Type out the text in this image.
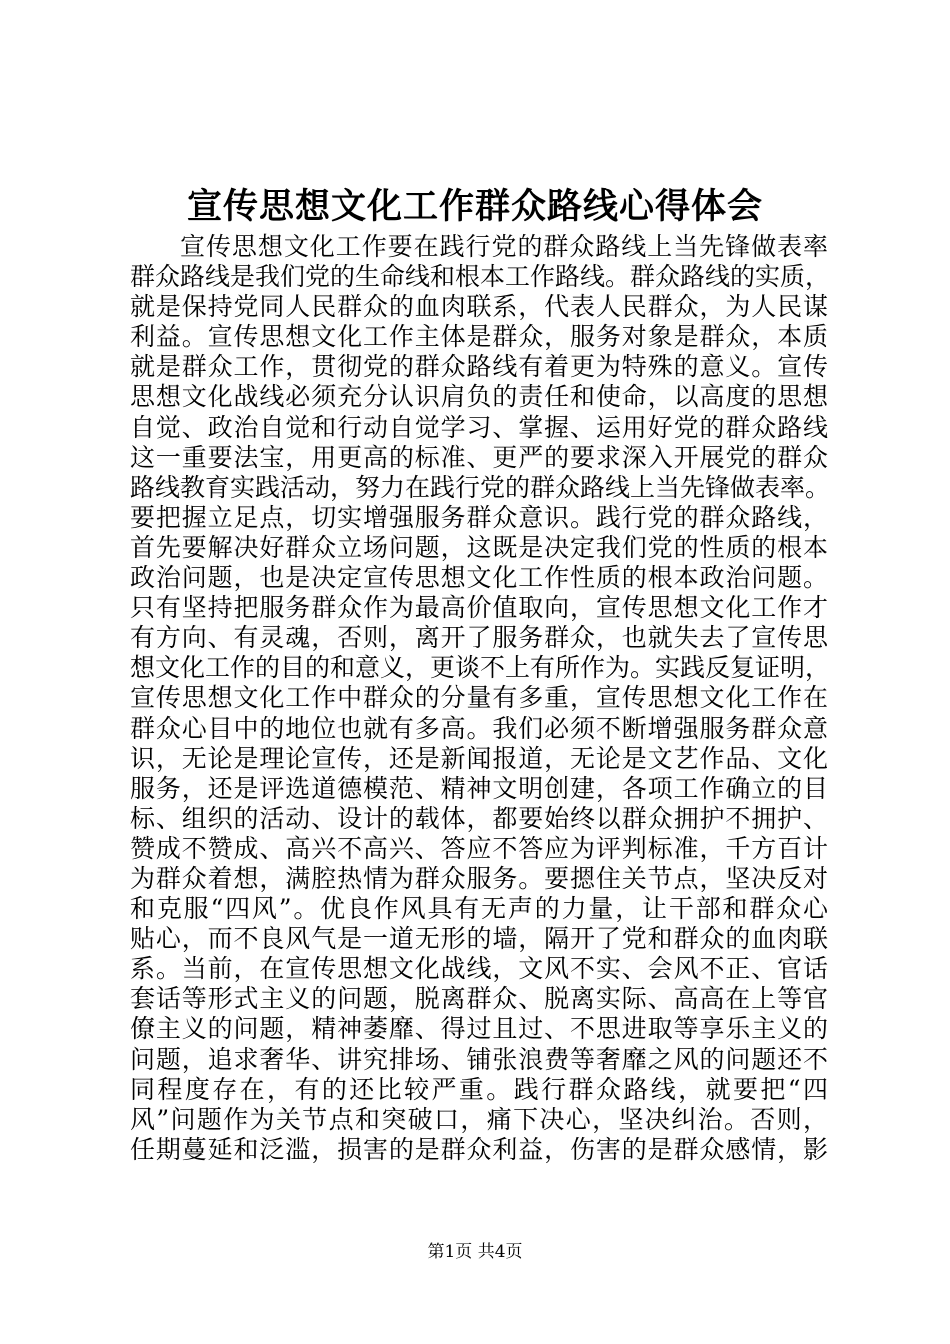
宣传思想文化工作群众路线心得体会
宣传思想文化工作要在践行党的群众路线上当先锋做表率
群众路线是我们党的生命线和根本工作路线。群众路线的实质，
就是保持党同人民群众的血肉联系，代表人民群众，为人民谋
利益。宣传思想文化工作主体是群众，服务对象是群众，本质
就是群众工作，贯彻党的群众路线有着更为特殊的意义。宣传
思想文化战线必须充分认识肩负的责任和使命，以高度的思想
自觉、政治自觉和行动自觉学习、掌握、运用好党的群众路线
这一重要法宝，用更高的标准、更严的要求深入开展党的群众
路线教育实践活动，努力在践行党的群众路线上当先锋做表率。
要把握立足点，切实增强服务群众意识。践行党的群众路线，
首先要解决好群众立场问题，这既是决定我们党的性质的根本
政治问题，也是决定宣传思想文化工作性质的根本政治问题。
只有坚持把服务群众作为最高价值取向，宣传思想文化工作才
有方向、有灵魂，否则，离开了服务群众，也就失去了宣传思
想文化工作的目的和意义，更谈不上有所作为。实践反复证明，
宣传思想文化工作中群众的分量有多重，宣传思想文化工作在
群众心目中的地位也就有多高。我们必须不断增强服务群众意
识，无论是理论宣传，还是新闻报道，无论是文艺作品、文化
服务，还是评选道德模范、精神文明创建，各项工作确立的目
标、组织的活动、设计的载体，都要始终以群众拥护不拥护、
赞成不赞成、高兴不高兴、答应不答应为评判标准，千方百计
为群众着想，满腔热情为群众服务。要摁住关节点，坚决反对
和克服“四风”。优良作风具有无声的力量，让干部和群众心
贴心，而不良风气是一道无形的墙，隔开了党和群众的血肉联
系。当前，在宣传思想文化战线，文风不实、会风不正、官话
套话等形式主义的问题，脱离群众、脱离实际、高高在上等官
僚主义的问题，精神萎靡、得过且过、不思进取等享乐主义的
问题，追求奢华、讲究排场、铺张浪费等奢靡之风的问题还不
同程度存在，有的还比较严重。践行群众路线，就要把“四
风”问题作为关节点和突破口，痛下决心，坚决纠治。否则，
任期蔓延和泛滥，损害的是群众利益，伤害的是群众感情，影
第1页 共4页
